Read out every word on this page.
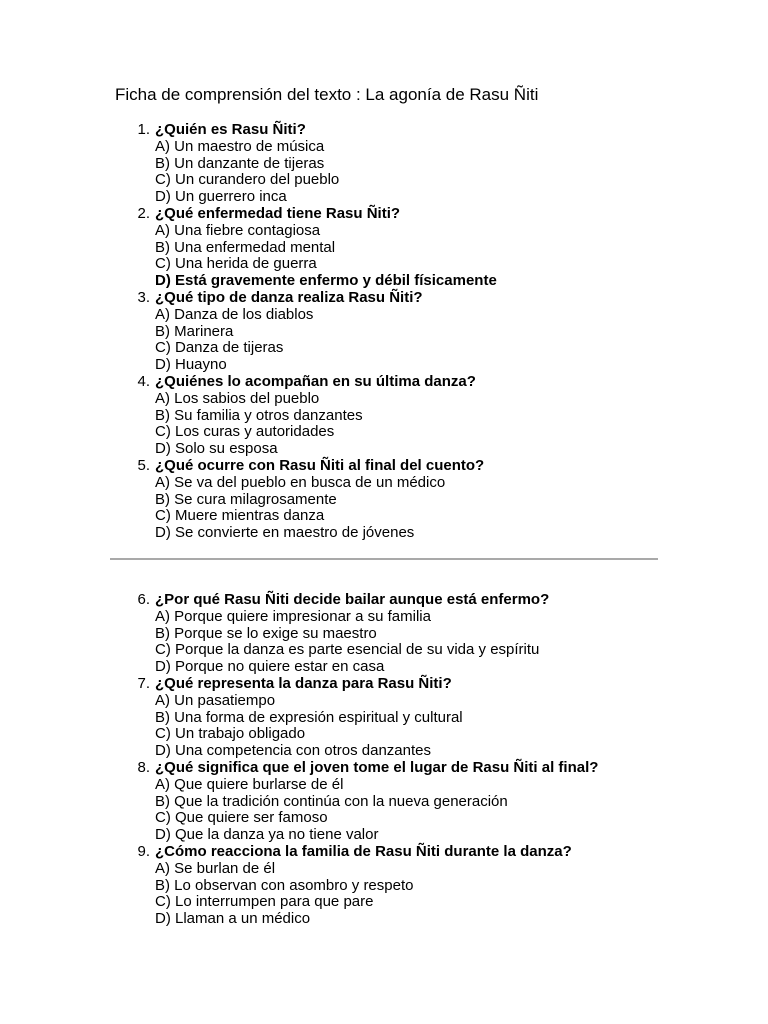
Ficha de comprensión del texto : La agonía de Rasu Ñiti
1. ¿Quién es Rasu Ñiti?
A) Un maestro de música
B) Un danzante de tijeras
C) Un curandero del pueblo
D) Un guerrero inca
2. ¿Qué enfermedad tiene Rasu Ñiti?
A) Una fiebre contagiosa
B) Una enfermedad mental
C) Una herida de guerra
D) Está gravemente enfermo y débil físicamente
3. ¿Qué tipo de danza realiza Rasu Ñiti?
A) Danza de los diablos
B) Marinera
C) Danza de tijeras
D) Huayno
4. ¿Quiénes lo acompañan en su última danza?
A) Los sabios del pueblo
B) Su familia y otros danzantes
C) Los curas y autoridades
D) Solo su esposa
5. ¿Qué ocurre con Rasu Ñiti al final del cuento?
A) Se va del pueblo en busca de un médico
B) Se cura milagrosamente
C) Muere mientras danza
D) Se convierte en maestro de jóvenes
6. ¿Por qué Rasu Ñiti decide bailar aunque está enfermo?
A) Porque quiere impresionar a su familia
B) Porque se lo exige su maestro
C) Porque la danza es parte esencial de su vida y espíritu
D) Porque no quiere estar en casa
7. ¿Qué representa la danza para Rasu Ñiti?
A) Un pasatiempo
B) Una forma de expresión espiritual y cultural
C) Un trabajo obligado
D) Una competencia con otros danzantes
8. ¿Qué significa que el joven tome el lugar de Rasu Ñiti al final?
A) Que quiere burlarse de él
B) Que la tradición continúa con la nueva generación
C) Que quiere ser famoso
D) Que la danza ya no tiene valor
9. ¿Cómo reacciona la familia de Rasu Ñiti durante la danza?
A) Se burlan de él
B) Lo observan con asombro y respeto
C) Lo interrumpen para que pare
D) Llaman a un médico
